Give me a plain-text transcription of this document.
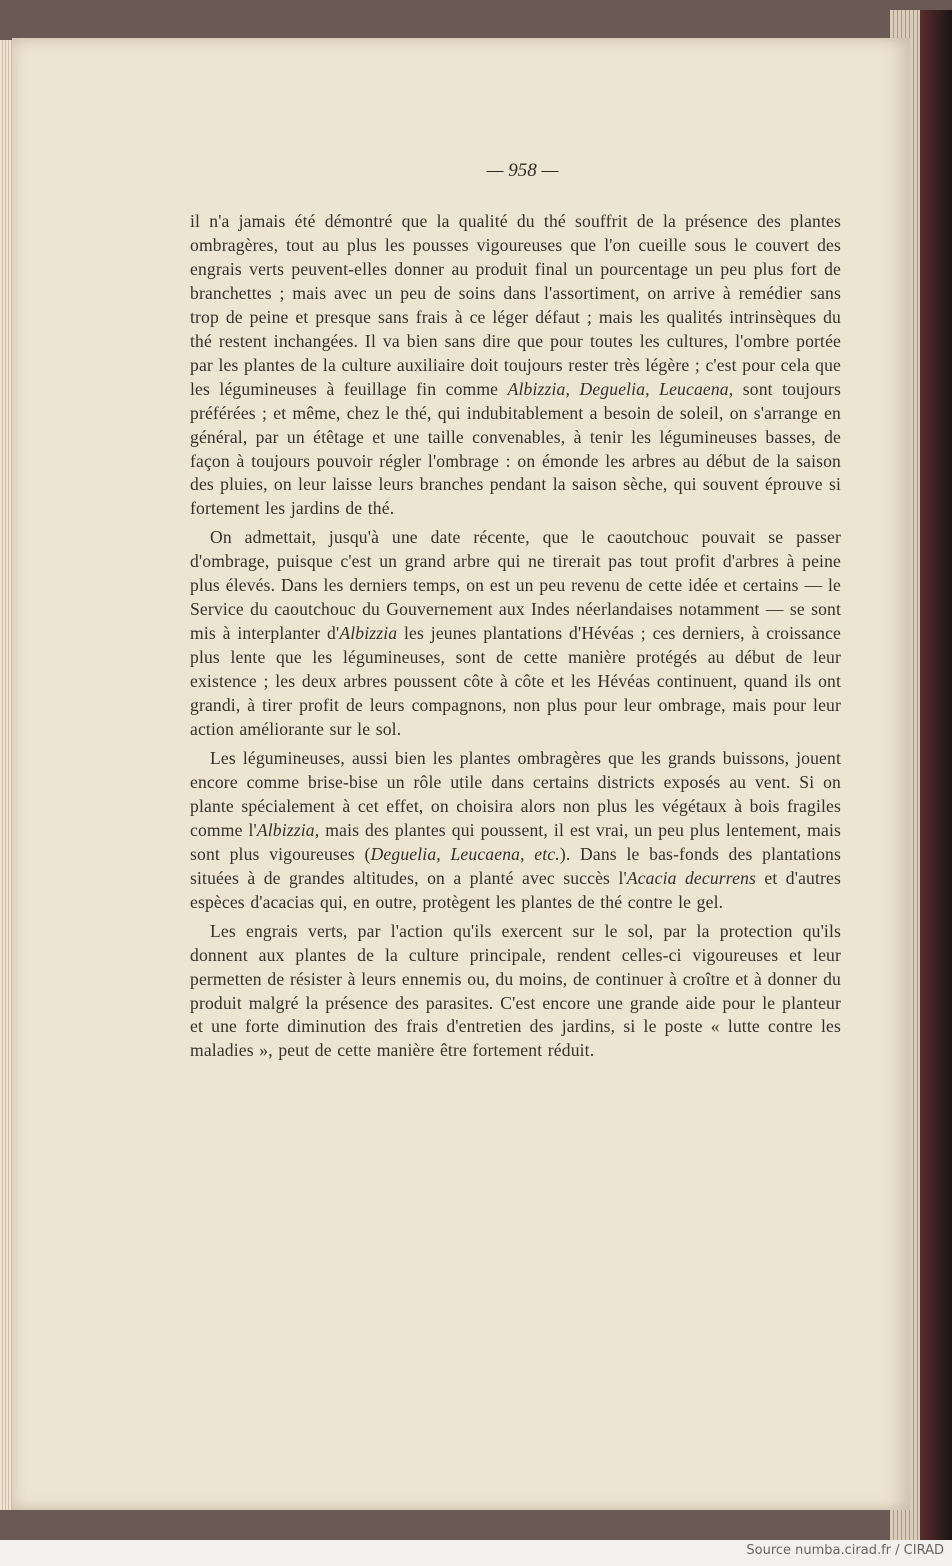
— 958 —

il n'a jamais été démontré que la qualité du thé souffrit de la présence des plantes ombragères, tout au plus les pousses vigoureuses que l'on cueille sous le couvert des engrais verts peuvent-elles donner au produit final un pourcentage un peu plus fort de branchettes ; mais avec un peu de soins dans l'assortiment, on arrive à remédier sans trop de peine et presque sans frais à ce léger défaut ; mais les qualités intrinsèques du thé restent inchangées. Il va bien sans dire que pour toutes les cultures, l'ombre portée par les plantes de la culture auxiliaire doit toujours rester très légère ; c'est pour cela que les légumineuses à feuillage fin comme Albizzia, Deguelia, Leucaena, sont toujours préférées ; et même, chez le thé, qui indubitablement a besoin de soleil, on s'arrange en général, par un étêtage et une taille convenables, à tenir les légumineuses basses, de façon à toujours pouvoir régler l'ombrage : on émonde les arbres au début de la saison des pluies, on leur laisse leurs branches pendant la saison sèche, qui souvent éprouve si fortement les jardins de thé.

On admettait, jusqu'à une date récente, que le caoutchouc pouvait se passer d'ombrage, puisque c'est un grand arbre qui ne tirerait pas tout profit d'arbres à peine plus élevés. Dans les derniers temps, on est un peu revenu de cette idée et certains — le Service du caoutchouc du Gouvernement aux Indes néerlandaises notamment — se sont mis à interplanter d'Albizzia les jeunes plantations d'Hévéas ; ces derniers, à croissance plus lente que les légumineuses, sont de cette manière protégés au début de leur existence ; les deux arbres poussent côte à côte et les Hévéas continuent, quand ils ont grandi, à tirer profit de leurs compagnons, non plus pour leur ombrage, mais pour leur action améliorante sur le sol.

Les légumineuses, aussi bien les plantes ombragères que les grands buissons, jouent encore comme brise-bise un rôle utile dans certains districts exposés au vent. Si on plante spécialement à cet effet, on choisira alors non plus les végétaux à bois fragiles comme l'Albizzia, mais des plantes qui poussent, il est vrai, un peu plus lentement, mais sont plus vigoureuses (Deguelia, Leucaena, etc.). Dans le bas-fonds des plantations situées à de grandes altitudes, on a planté avec succès l'Acacia decurrens et d'autres espèces d'acacias qui, en outre, protègent les plantes de thé contre le gel.

Les engrais verts, par l'action qu'ils exercent sur le sol, par la protection qu'ils donnent aux plantes de la culture principale, rendent celles-ci vigoureuses et leur permetten de résister à leurs ennemis ou, du moins, de continuer à croître et à donner du produit malgré la présence des parasites. C'est encore une grande aide pour le planteur et une forte diminution des frais d'entretien des jardins, si le poste « lutte contre les maladies », peut de cette manière être fortement réduit.

Source numba.cirad.fr / CIRAD
